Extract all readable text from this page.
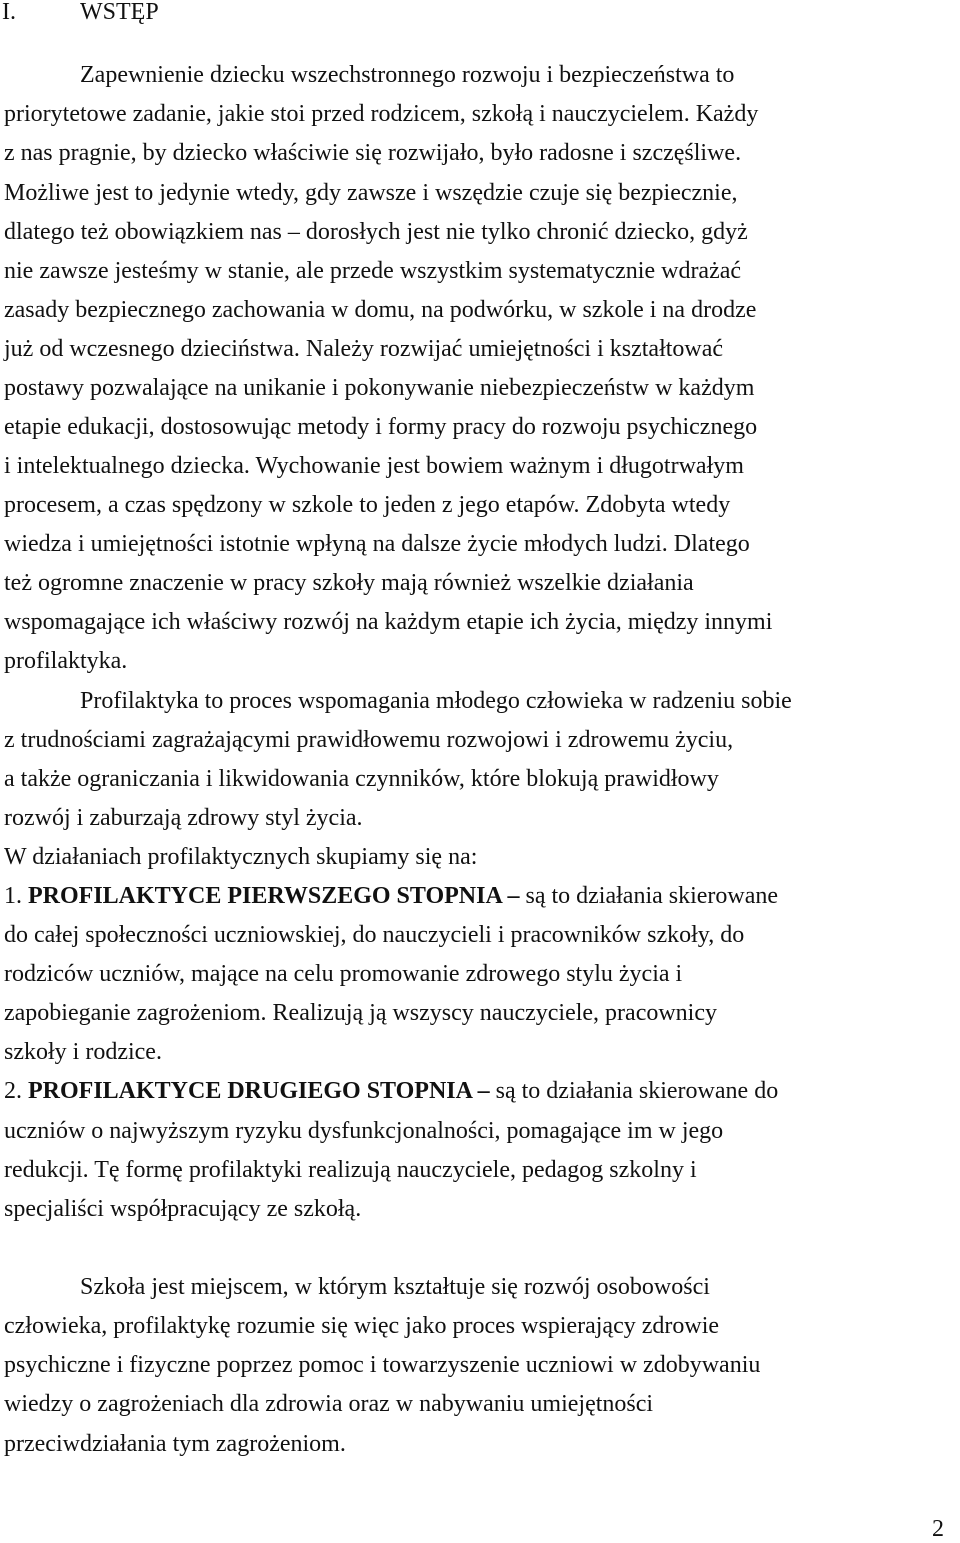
I.	WSTĘP
Zapewnienie dziecku wszechstronnego rozwoju i bezpieczeństwa to
priorytetowe zadanie, jakie stoi przed rodzicem, szkołą i nauczycielem. Każdy
z nas pragnie, by dziecko właściwie się rozwijało, było radosne i szczęśliwe.
Możliwe jest to jedynie wtedy, gdy zawsze i wszędzie czuje się bezpiecznie,
dlatego też obowiązkiem nas – dorosłych jest nie tylko chronić dziecko, gdyż
nie zawsze jesteśmy w stanie, ale przede wszystkim systematycznie wdrażać
zasady bezpiecznego zachowania w domu, na podwórku, w szkole i na drodze
już od wczesnego dzieciństwa. Należy rozwijać umiejętności i kształtować
postawy pozwalające na unikanie i pokonywanie niebezpieczeństw w każdym
etapie edukacji, dostosowując metody i formy pracy do rozwoju psychicznego
i intelektualnego dziecka. Wychowanie jest bowiem ważnym i długotrwałym
procesem, a czas spędzony w szkole to jeden z jego etapów. Zdobyta wtedy
wiedza i umiejętności istotnie wpłyną na dalsze życie młodych ludzi. Dlatego
też ogromne znaczenie w pracy szkoły mają również wszelkie działania
wspomagające ich właściwy rozwój na każdym etapie ich życia, między innymi
profilaktyka.
Profilaktyka to proces wspomagania młodego człowieka w radzeniu sobie
z trudnościami zagrażającymi prawidłowemu rozwojowi i zdrowemu życiu,
a także ograniczania i likwidowania czynników, które blokują prawidłowy
rozwój i zaburzają zdrowy styl życia.
W działaniach profilaktycznych skupiamy się na:
1. PROFILAKTYCE PIERWSZEGO STOPNIA – są to działania skierowane
do całej społeczności uczniowskiej, do nauczycieli i pracowników szkoły, do
rodziców uczniów, mające na celu promowanie zdrowego stylu życia i
zapobieganie zagrożeniom. Realizują ją wszyscy nauczyciele, pracownicy
szkoły i rodzice.
2. PROFILAKTYCE DRUGIEGO STOPNIA – są to działania skierowane do
uczniów o najwyższym ryzyku dysfunkcjonalności, pomagające im w jego
redukcji. Tę formę profilaktyki realizują nauczyciele, pedagog szkolny i
specjaliści współpracujący ze szkołą.
Szkoła jest miejscem, w którym kształtuje się rozwój osobowości
człowieka, profilaktykę rozumie się więc jako proces wspierający zdrowie
psychiczne i fizyczne poprzez pomoc i towarzyszenie uczniowi w zdobywaniu
wiedzy o zagrożeniach dla zdrowia oraz w nabywaniu umiejętności
przeciwdziałania tym zagrożeniom.
2
